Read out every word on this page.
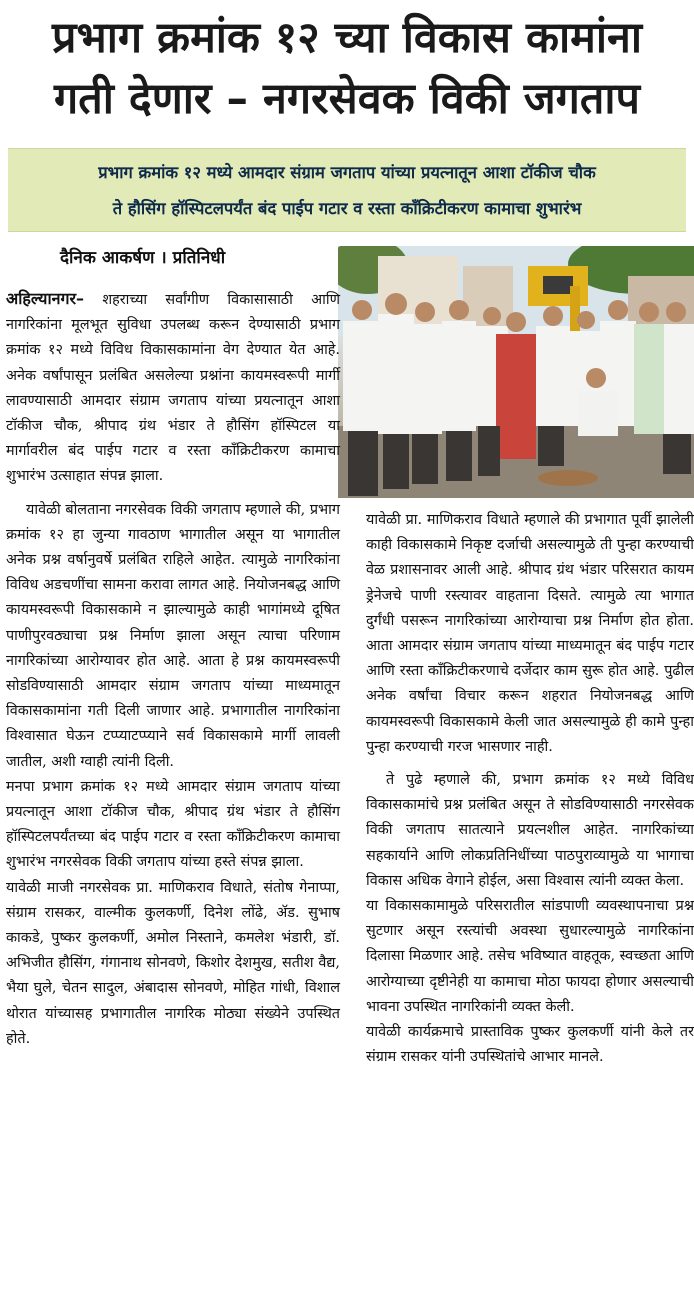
प्रभाग क्रमांक १२ च्या विकास कामांना
गती देणार – नगरसेवक विकी जगताप
प्रभाग क्रमांक १२ मध्ये आमदार संग्राम जगताप यांच्या प्रयत्नातून आशा टॉकीज चौक
ते हौसिंग हॉस्पिटलपर्यंत बंद पाईप गटार व रस्ता काँक्रिटीकरण कामाचा शुभारंभ
दैनिक आकर्षण । प्रतिनिधी

अहिल्यानगर– शहराच्या सर्वांगीण विकासासाठी आणि नागरिकांना मूलभूत सुविधा उपलब्ध करून देण्यासाठी प्रभाग क्रमांक १२ मध्ये विविध विकासकामांना वेग देण्यात येत आहे. अनेक वर्षांपासून प्रलंबित असलेल्या प्रश्नांना कायमस्वरूपी मार्गी लावण्यासाठी आमदार संग्राम जगताप यांच्या प्रयत्नातून आशा टॉकीज चौक, श्रीपाद ग्रंथ भंडार ते हौसिंग हॉस्पिटल या मार्गावरील बंद पाईप गटार व रस्ता काँक्रिटीकरण कामाचा शुभारंभ उत्साहात संपन्न झाला.

यावेळी बोलताना नगरसेवक विकी जगताप म्हणाले की, प्रभाग क्रमांक १२ हा जुन्या गावठाण भागातील असून या भागातील अनेक प्रश्न वर्षानुवर्षे प्रलंबित राहिले आहेत. त्यामुळे नागरिकांना विविध अडचणींचा सामना करावा लागत आहे. नियोजनबद्ध आणि कायमस्वरूपी विकासकामे न झाल्यामुळे काही भागांमध्ये दूषित पाणीपुरवठ्याचा प्रश्न निर्माण झाला असून त्याचा परिणाम नागरिकांच्या आरोग्यावर होत आहे. आता हे प्रश्न कायमस्वरूपी सोडविण्यासाठी आमदार संग्राम जगताप यांच्या माध्यमातून विकासकामांना गती दिली जाणार आहे. प्रभागातील नागरिकांना विश्वासात घेऊन टप्प्याटप्प्याने सर्व विकासकामे मार्गी लावली जातील, अशी ग्वाही त्यांनी दिली.

मनपा प्रभाग क्रमांक १२ मध्ये आमदार संग्राम जगताप यांच्या प्रयत्नातून आशा टॉकीज चौक, श्रीपाद ग्रंथ भंडार ते हौसिंग हॉस्पिटलपर्यंतच्या बंद पाईप गटार व रस्ता काँक्रिटीकरण कामाचा शुभारंभ नगरसेवक विकी जगताप यांच्या हस्ते संपन्न झाला.

यावेळी माजी नगरसेवक प्रा. माणिकराव विधाते, संतोष गेनाप्पा, संग्राम रासकर, वाल्मीक कुलकर्णी, दिनेश लोंढे, ॲड. सुभाष काकडे, पुष्कर कुलकर्णी, अमोल निस्ताने, कमलेश भंडारी, डॉ. अभिजीत हौसिंग, गंगानाथ सोनवणे, किशोर देशमुख, सतीश वैद्य, भैया घुले, चेतन सादुल, अंबादास सोनवणे, मोहित गांधी, विशाल थोरात यांच्यासह प्रभागातील नागरिक मोठ्या संख्येने उपस्थित होते.

यावेळी प्रा. माणिकराव विधाते म्हणाले की प्रभागात पूर्वी झालेली काही विकासकामे निकृष्ट दर्जाची असल्यामुळे ती पुन्हा करण्याची वेळ प्रशासनावर आली आहे. श्रीपाद ग्रंथ भंडार परिसरात कायम ड्रेनेजचे पाणी रस्त्यावर वाहताना दिसते. त्यामुळे त्या भागात दुर्गंधी पसरून नागरिकांच्या आरोग्याचा प्रश्न निर्माण होत होता. आता आमदार संग्राम जगताप यांच्या माध्यमातून बंद पाईप गटार आणि रस्ता काँक्रिटीकरणाचे दर्जेदार काम सुरू होत आहे. पुढील अनेक वर्षांचा विचार करून शहरात नियोजनबद्ध आणि कायमस्वरूपी विकासकामे केली जात असल्यामुळे ही कामे पुन्हा पुन्हा करण्याची गरज भासणार नाही.

ते पुढे म्हणाले की, प्रभाग क्रमांक १२ मध्ये विविध विकासकामांचे प्रश्न प्रलंबित असून ते सोडविण्यासाठी नगरसेवक विकी जगताप सातत्याने प्रयत्नशील आहेत. नागरिकांच्या सहकार्याने आणि लोकप्रतिनिधींच्या पाठपुराव्यामुळे या भागाचा विकास अधिक वेगाने होईल, असा विश्वास त्यांनी व्यक्त केला.

या विकासकामामुळे परिसरातील सांडपाणी व्यवस्थापनाचा प्रश्न सुटणार असून रस्त्यांची अवस्था सुधारल्यामुळे नागरिकांना दिलासा मिळणार आहे. तसेच भविष्यात वाहतूक, स्वच्छता आणि आरोग्याच्या दृष्टीनेही या कामाचा मोठा फायदा होणार असल्याची भावना उपस्थित नागरिकांनी व्यक्त केली.

यावेळी कार्यक्रमाचे प्रास्ताविक पुष्कर कुलकर्णी यांनी केले तर संग्राम रासकर यांनी उपस्थितांचे आभार मानले.
